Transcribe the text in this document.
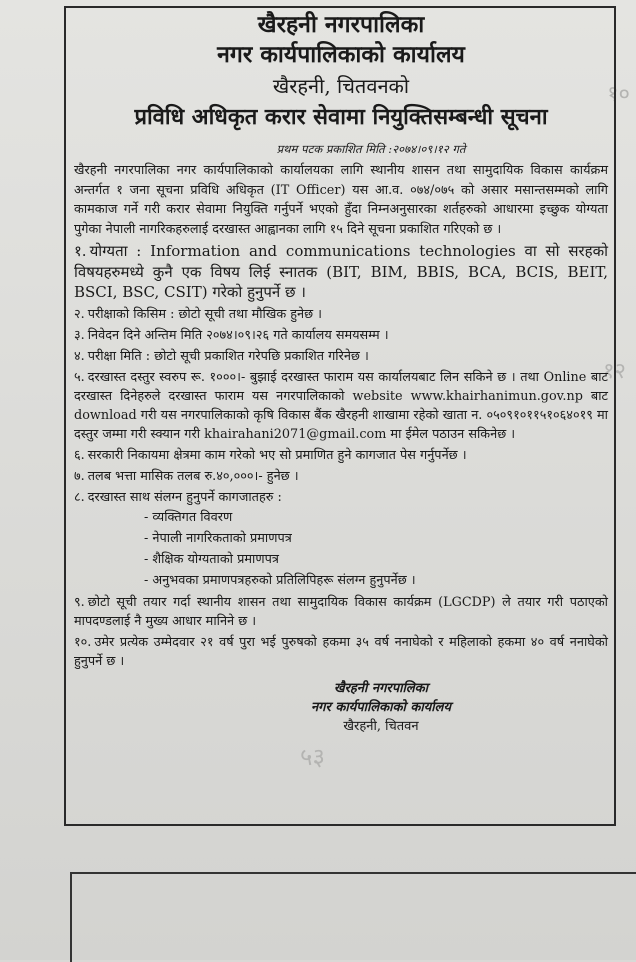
१०
१२
५३
खैरहनी नगरपालिका
नगर कार्यपालिकाको कार्यालय
खैरहनी, चितवनको
प्रविधि अधिकृत करार सेवामा नियुक्तिसम्बन्धी सूचना
प्रथम पटक प्रकाशित मिति :२०७४।०९।१२ गते

खैरहनी नगरपालिका नगर कार्यपालिकाको कार्यालयका लागि स्थानीय शासन तथा सामुदायिक विकास कार्यक्रम अन्तर्गत १ जना सूचना प्रविधि अधिकृत (IT Officer) यस आ.व. ०७४/०७५ को असार मसान्तसम्मको लागि कामकाज गर्ने गरी करार सेवामा नियुक्ति गर्नुपर्ने भएको हुँदा निम्नअनुसारका शर्तहरुको आधारमा इच्छुक योग्यता पुगेका नेपाली नागरिकहरुलाई दरखास्त आह्वानका लागि १५ दिने सूचना प्रकाशित गरिएको छ ।

१. योग्यता : Information and communications technologies वा सो सरहको विषयहरुमध्ये कुनै एक विषय लिई स्नातक (BIT, BIM, BBIS, BCA, BCIS, BEIT, BSCI, BSC, CSIT) गरेको हुनुपर्ने छ ।
२. परीक्षाको किसिम : छोटो सूची तथा मौखिक हुनेछ ।
३. निवेदन दिने अन्तिम मिति २०७४।०९।२६ गते कार्यालय समयसम्म ।
४. परीक्षा मिति : छोटो सूची प्रकाशित गरेपछि प्रकाशित गरिनेछ ।
५. दरखास्त दस्तुर स्वरुप रू. १०००।- बुझाई दरखास्त फाराम यस कार्यालयबाट लिन सकिने छ । तथा Online बाट दरखास्त दिनेहरुले दरखास्त फाराम यस नगरपालिकाको website www.khairhanimun.gov.np बाट download गरी यस नगरपालिकाको कृषि विकास बैंक खैरहनी शाखामा रहेको खाता न. ०५०९१०११५१०६४०१९ मा दस्तुर जम्मा गरी स्क्यान गरी khairahani2071@gmail.com मा ईमेल पठाउन सकिनेछ ।
६. सरकारी निकायमा क्षेत्रमा काम गरेको भए सो प्रमाणित हुने कागजात पेस गर्नुपर्नेछ ।
७. तलब भत्ता मासिक तलब रु.४०,०००।- हुनेछ ।
८. दरखास्त साथ संलग्न हुनुपर्ने कागजातहरु :
- व्यक्तिगत विवरण
- नेपाली नागरिकताको प्रमाणपत्र
- शैक्षिक योग्यताको प्रमाणपत्र
- अनुभवका प्रमाणपत्रहरुको प्रतिलिपिहरू संलग्न हुनुपर्नेछ ।
९. छोटो सूची तयार गर्दा स्थानीय शासन तथा सामुदायिक विकास कार्यक्रम (LGCDP) ले तयार गरी पठाएको मापदण्डलाई नै मुख्य आधार मानिने छ ।
१०. उमेर प्रत्येक उम्मेदवार २१ वर्ष पुरा भई पुरुषको हकमा ३५ वर्ष ननाघेको र महिलाको हकमा ४० वर्ष ननाघेको हुनुपर्ने छ ।
खैरहनी नगरपालिका
नगर कार्यपालिकाको कार्यालय
खैरहनी, चितवन
